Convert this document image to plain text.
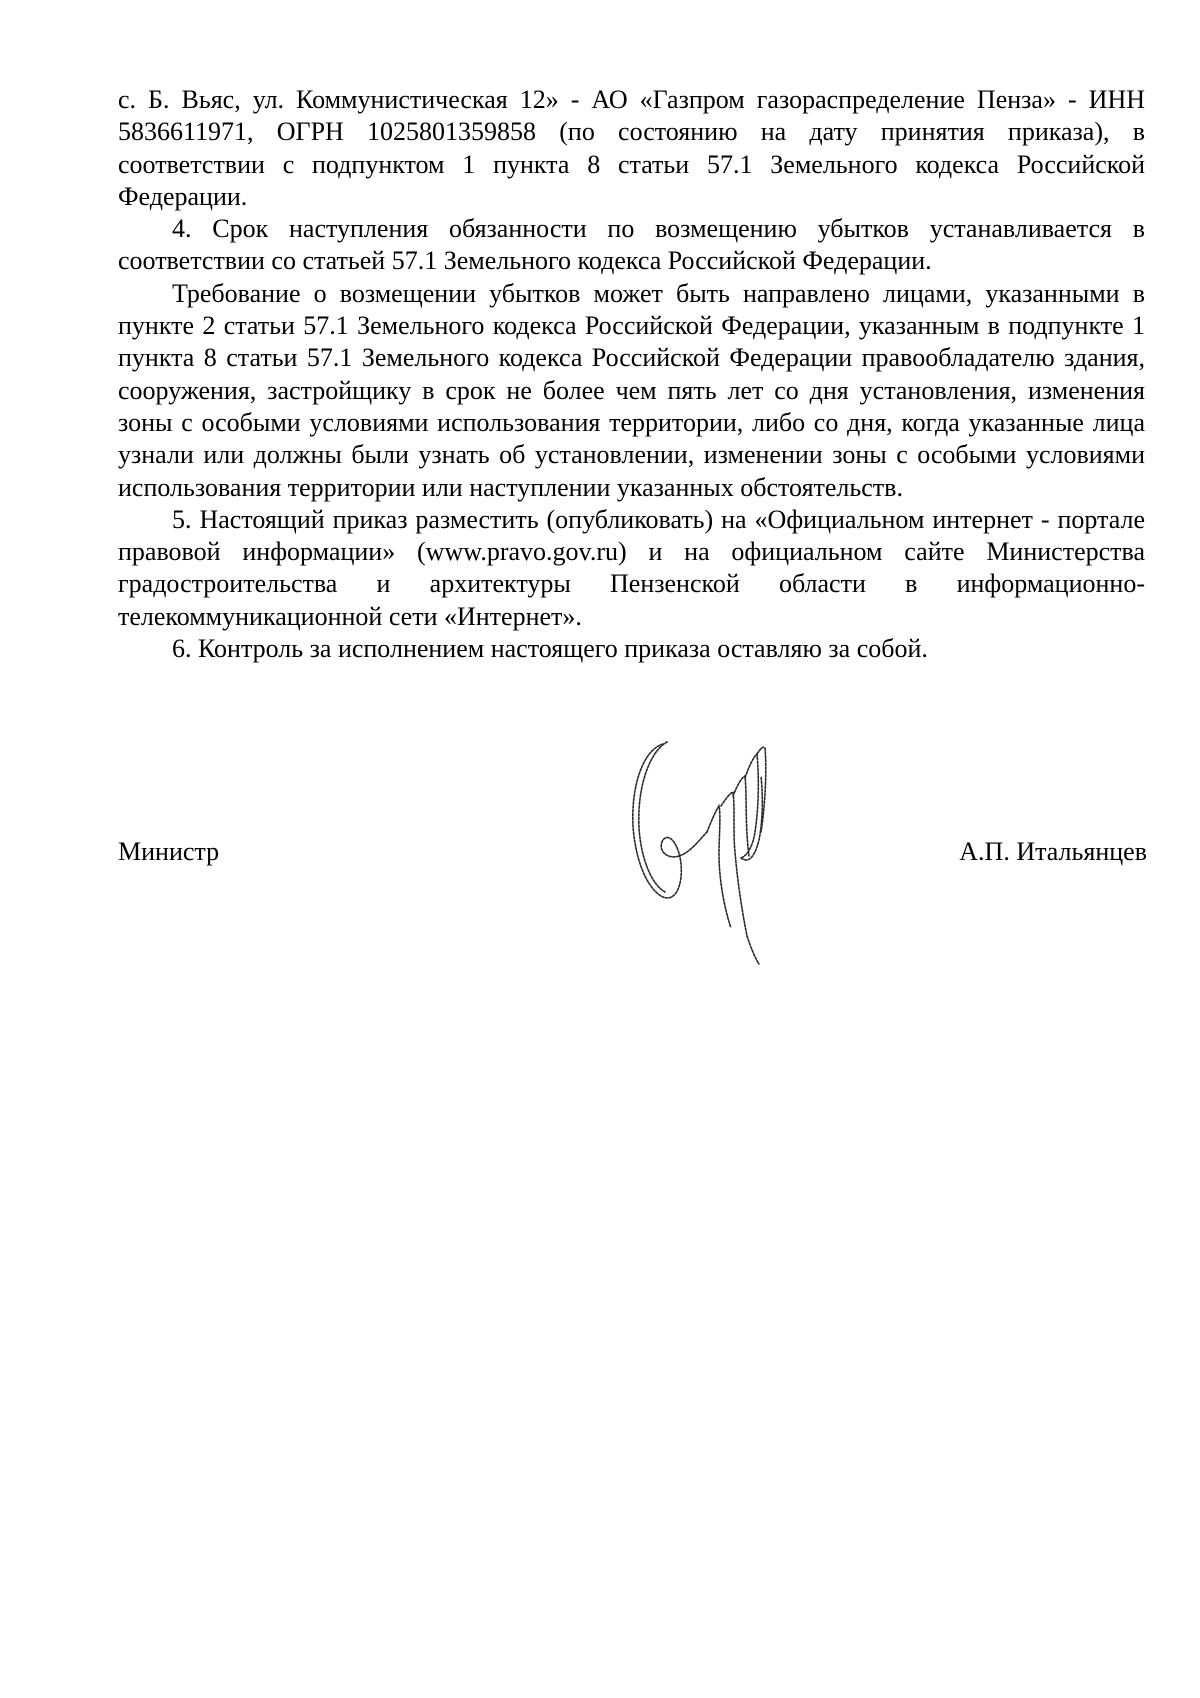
с. Б. Вьяс, ул. Коммунистическая 12» - АО «Газпром газораспределение Пенза» - ИНН 5836611971, ОГРН 1025801359858 (по состоянию на дату принятия приказа), в соответствии с подпунктом 1 пункта 8 статьи 57.1 Земельного кодекса Российской Федерации.

4. Срок наступления обязанности по возмещению убытков устанавливается в соответствии со статьей 57.1 Земельного кодекса Российской Федерации.

Требование о возмещении убытков может быть направлено лицами, указанными в пункте 2 статьи 57.1 Земельного кодекса Российской Федерации, указанным в подпункте 1 пункта 8 статьи 57.1 Земельного кодекса Российской Федерации правообладателю здания, сооружения, застройщику в срок не более чем пять лет со дня установления, изменения зоны с особыми условиями использования территории, либо со дня, когда указанные лица узнали или должны были узнать об установлении, изменении зоны с особыми условиями использования территории или наступлении указанных обстоятельств.

5. Настоящий приказ разместить (опубликовать) на «Официальном интернет - портале правовой информации» (www.pravo.gov.ru) и на официальном сайте Министерства градостроительства и архитектуры Пензенской области в информационно-телекоммуникационной сети «Интернет».

6. Контроль за исполнением настоящего приказа оставляю за собой.

Министр	А.П. Итальянцев
